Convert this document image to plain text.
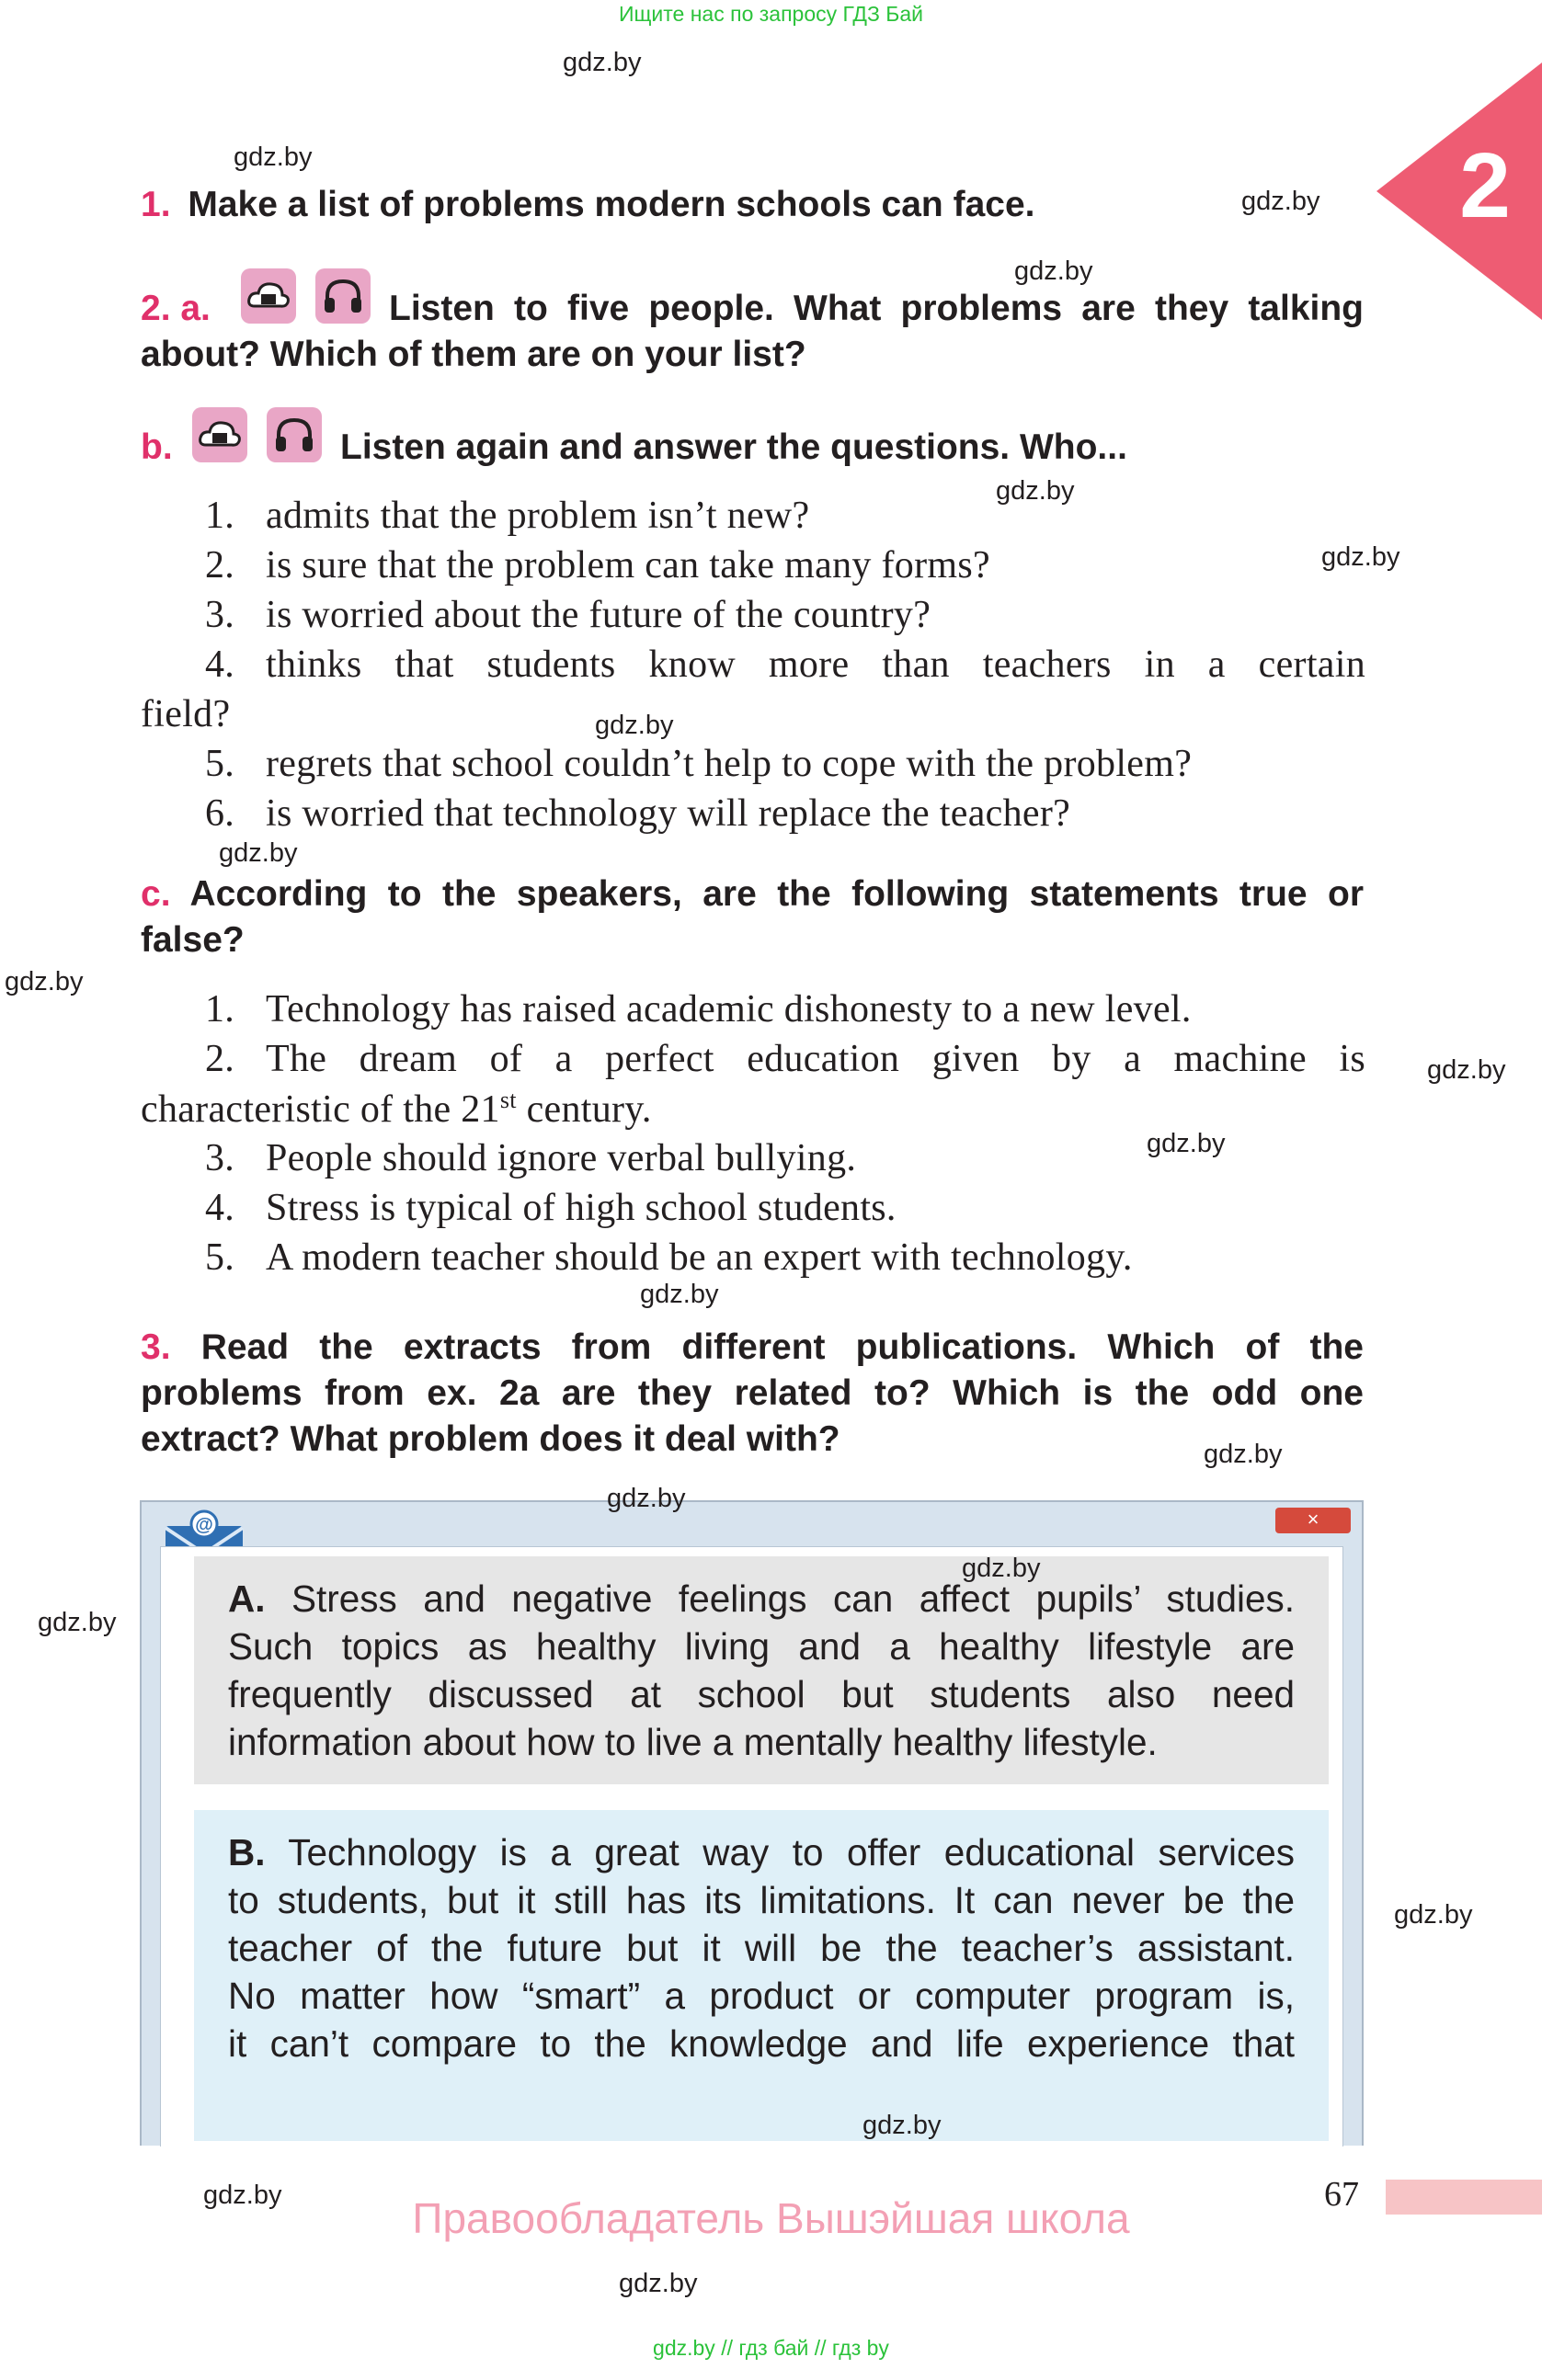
Ищите нас по запросу ГДЗ Бай
2
1. Make a list of problems modern schools can face.
2. a.	Listen to five people. What problems are they talking
about? Which of them are on your list?
b.	Listen again and answer the questions. Who...
1. admits that the problem isn’t new?
2. is sure that the problem can take many forms?
3. is worried about the future of the country?
4. thinks that students know more than teachers in a certain
field?
5. regrets that school couldn’t help to cope with the problem?
6. is worried that technology will replace the teacher?
c. According to the speakers, are the following statements true or
false?
1. Technology has raised academic dishonesty to a new level.
2. The dream of a perfect education given by a machine is
characteristic of the 21st century.
3. People should ignore verbal bullying.
4. Stress is typical of high school students.
5. A modern teacher should be an expert with technology.
3. Read the extracts from different publications. Which of the
problems from ex. 2a are they related to? Which is the odd one
extract? What problem does it deal with?
@	×
A. Stress and negative feelings can affect pupils’ studies.
Such topics as healthy living and a healthy lifestyle are
frequently discussed at school but students also need
information about how to live a mentally healthy lifestyle.
B. Technology is a great way to offer educational services
to students, but it still has its limitations. It can never be the
teacher of the future but it will be the teacher’s assistant.
No matter how “smart” a product or computer program is,
it can’t compare to the knowledge and life experience that
67
Правообладатель Вышэйшая школа
gdz.by // гдз бай // гдз by
gdz.by
gdz.by
gdz.by
gdz.by
gdz.by
gdz.by
gdz.by
gdz.by
gdz.by
gdz.by
gdz.by
gdz.by
gdz.by
gdz.by
gdz.by
gdz.by
gdz.by
gdz.by
gdz.by
gdz.by
